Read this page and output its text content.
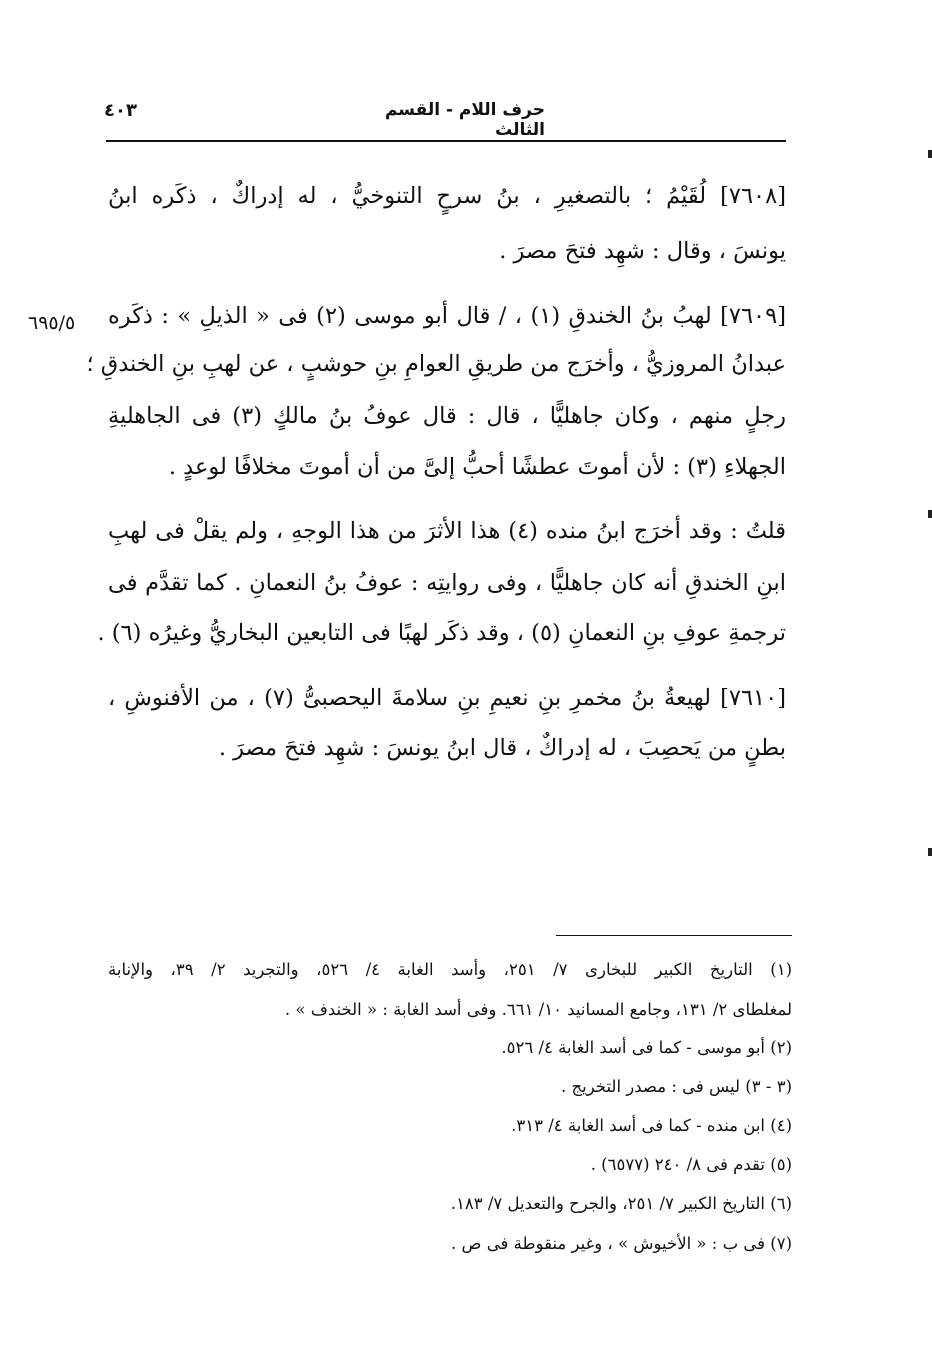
حرف اللام - القسم الثالث
٤٠٣
٦٩٥/٥
[٧٦٠٨] لُقَيْمُ ؛ بالتصغيرِ ، بنُ سرحٍ التنوخيُّ ، له إدراكٌ ، ذكَره ابنُ
يونسَ ، وقال : شهِد فتحَ مصرَ .
[٧٦٠٩] لهبُ بنُ الخندقِ (١) ، / قال أبو موسى (٢) فى « الذيلِ » : ذكَره
عبدانُ المروزيُّ ، وأخرَج من طريقِ العوامِ بنِ حوشبٍ ، عن لهبِ بنِ الخندقِ ؛
رجلٍ منهم ، وكان جاهليًّا ، قال : قال عوفُ بنُ مالكٍ (٣) فى الجاهليةِ
الجهلاءِ (٣) : لأن أموتَ عطشًا أحبُّ إلىَّ من أن أموتَ مخلافًا لوعدٍ .
قلتُ : وقد أخرَج ابنُ منده (٤) هذا الأثرَ من هذا الوجهِ ، ولم يقلْ فى لهبِ
ابنِ الخندقِ أنه كان جاهليًّا ، وفى روايتِه : عوفُ بنُ النعمانِ . كما تقدَّم فى
ترجمةِ عوفِ بنِ النعمانِ (٥) ، وقد ذكَر لهبًا فى التابعين البخاريُّ وغيرُه (٦) .
[٧٦١٠] لهيعةُ بنُ مخمرِ بنِ نعيمِ بنِ سلامةَ اليحصبىُّ (٧) ، من الأفنوشِ ،
بطنٍ من يَحصِبَ ، له إدراكٌ ، قال ابنُ يونسَ : شهِد فتحَ مصرَ .
(١) التاريخ الكبير للبخارى ٧/ ٢٥١، وأسد الغابة ٤/ ٥٢٦، والتجريد ٢/ ٣٩، والإنابة
لمغلطاى ٢/ ١٣١، وجامع المسانيد ١٠/ ٦٦١. وفى أسد الغابة : « الخندف » .
(٢) أبو موسى - كما فى أسد الغابة ٤/ ٥٢٦.
(٣ - ٣) ليس فى : مصدر التخريج .
(٤) ابن منده - كما فى أسد الغابة ٤/ ٣١٣.
(٥) تقدم فى ٨/ ٢٤٠ (٦٥٧٧) .
(٦) التاريخ الكبير ٧/ ٢٥١، والجرح والتعديل ٧/ ١٨٣.
(٧) فى ب : « الأخيوش » ، وغير منقوطة فى ص .
